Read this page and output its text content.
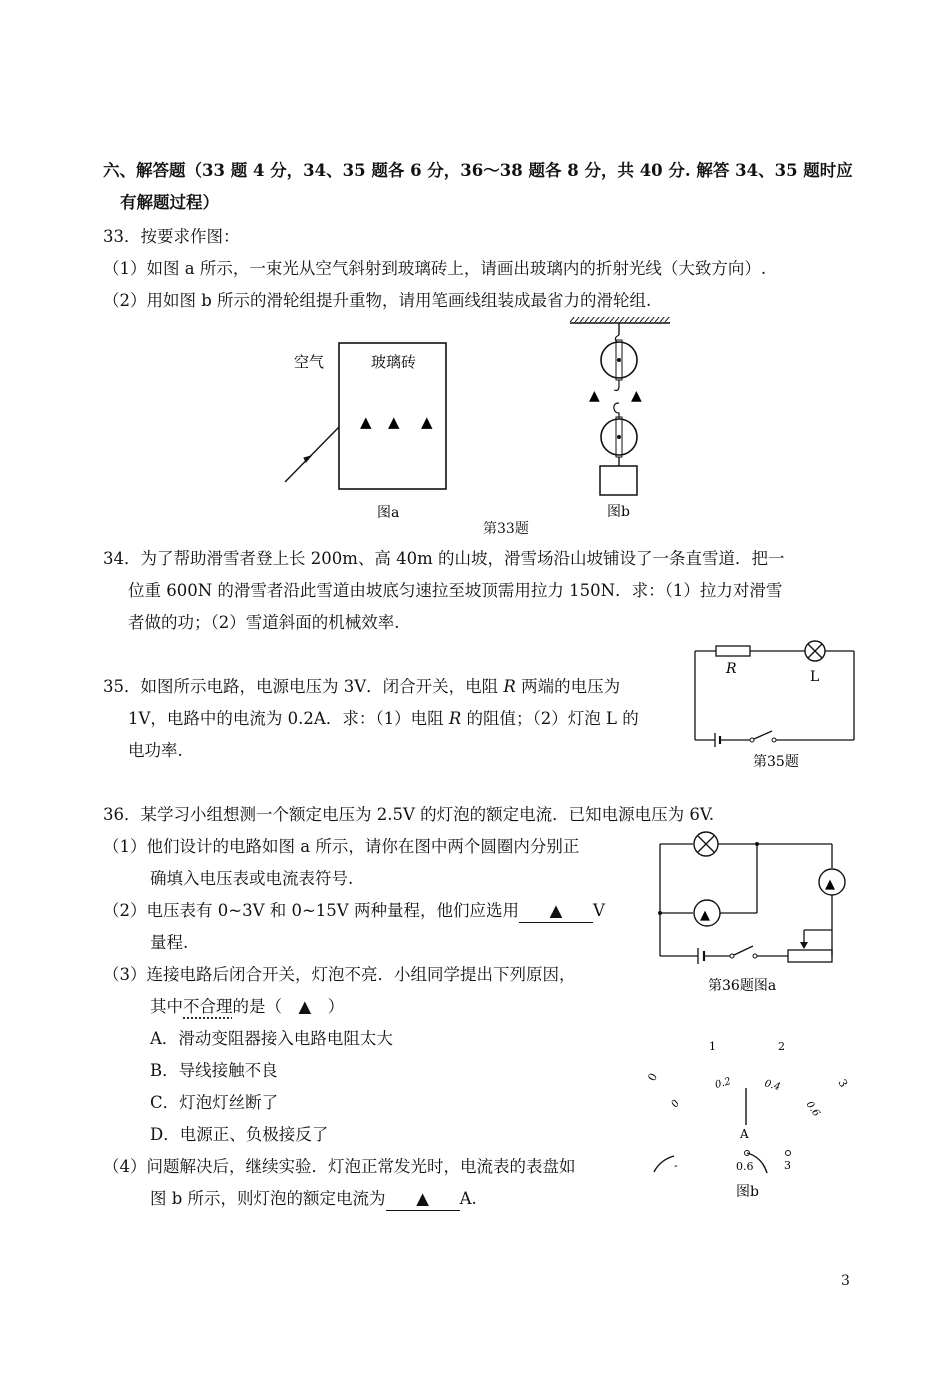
六、解答题（33 题 4 分，34、35 题各 6 分，36～38 题各 8 分，共 40 分. 解答 34、35 题时应
有解题过程）
33．按要求作图：
（1）如图 a 所示，一束光从空气斜射到玻璃砖上，请画出玻璃内的折射光线（大致方向）.
（2）用如图 b 所示的滑轮组提升重物，请用笔画线组装成最省力的滑轮组.
空气	玻璃砖
▲ ▲ ▲
图a
▲ ▲
图b
第33题
34．为了帮助滑雪者登上长 200m、高 40m 的山坡，滑雪场沿山坡铺设了一条直雪道．把一
位重 600N 的滑雪者沿此雪道由坡底匀速拉至坡顶需用拉力 150N．求：（1）拉力对滑雪
者做的功；（2）雪道斜面的机械效率.
35．如图所示电路，电源电压为 3V．闭合开关，电阻 R 两端的电压为
1V，电路中的电流为 0.2A．求：（1）电阻 R 的阻值；（2）灯泡 L 的
电功率.
R	L
第35题
36．某学习小组想测一个额定电压为 2.5V 的灯泡的额定电流．已知电源电压为 6V.
（1）他们设计的电路如图 a 所示，请你在图中两个圆圈内分别正
确填入电压表或电流表符号.
（2）电压表有 0~3V 和 0~15V 两种量程，他们应选用 ▲ V
量程.
（3）连接电路后闭合开关，灯泡不亮．小组同学提出下列原因，
其中不合理的是（　▲　）
A．滑动变阻器接入电路电阻太大
B．导线接触不良
C．灯泡灯丝断了
D．电源正、负极接反了
（4）问题解决后，继续实验．灯泡正常发光时，电流表的表盘如
图 b 所示，则灯泡的额定电流为 ▲ A.
▲
▲
第36题图a
0
1	2
3
0
0.2	0.4
0.6
A
-	0.6	3
图b
3
